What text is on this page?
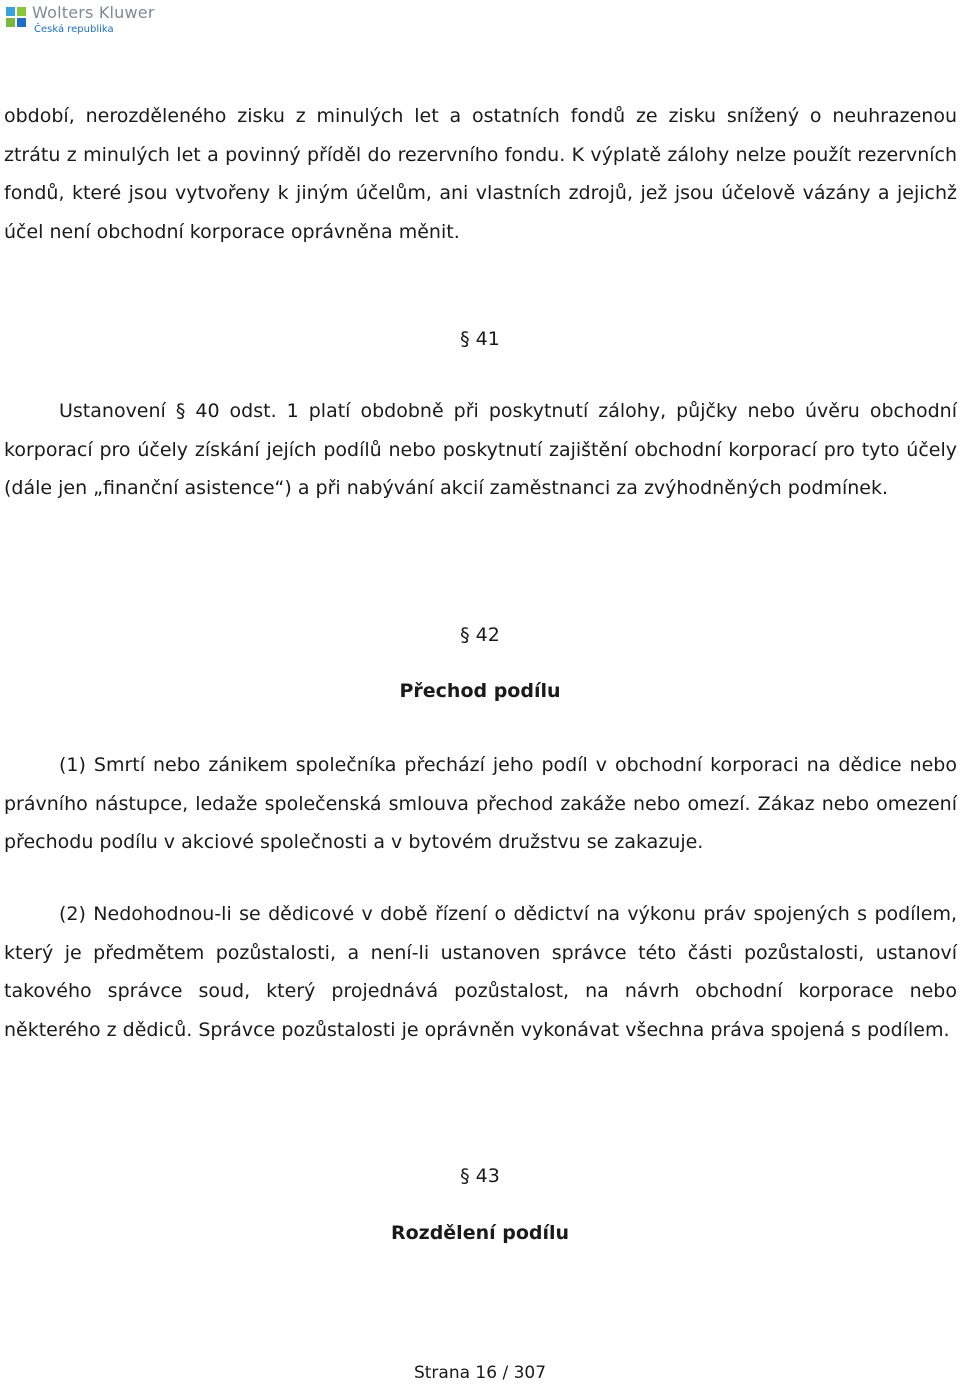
Wolters Kluwer
Česká republika

období, nerozděleného zisku z minulých let a ostatních fondů ze zisku snížený o neuhrazenou ztrátu z minulých let a povinný příděl do rezervního fondu. K výplatě zálohy nelze použít rezervních fondů, které jsou vytvořeny k jiným účelům, ani vlastních zdrojů, jež jsou účelově vázány a jejichž účel není obchodní korporace oprávněna měnit.

§ 41

Ustanovení § 40 odst. 1 platí obdobně při poskytnutí zálohy, půjčky nebo úvěru obchodní korporací pro účely získání jejích podílů nebo poskytnutí zajištění obchodní korporací pro tyto účely (dále jen „finanční asistence“) a při nabývání akcií zaměstnanci za zvýhodněných podmínek.

§ 42

Přechod podílu

(1) Smrtí nebo zánikem společníka přechází jeho podíl v obchodní korporaci na dědice nebo právního nástupce, ledaže společenská smlouva přechod zakáže nebo omezí. Zákaz nebo omezení přechodu podílu v akciové společnosti a v bytovém družstvu se zakazuje.

(2) Nedohodnou-li se dědicové v době řízení o dědictví na výkonu práv spojených s podílem, který je předmětem pozůstalosti, a není-li ustanoven správce této části pozůstalosti, ustanoví takového správce soud, který projednává pozůstalost, na návrh obchodní korporace nebo některého z dědiců. Správce pozůstalosti je oprávněn vykonávat všechna práva spojená s podílem.

§ 43

Rozdělení podílu

Strana 16 / 307
